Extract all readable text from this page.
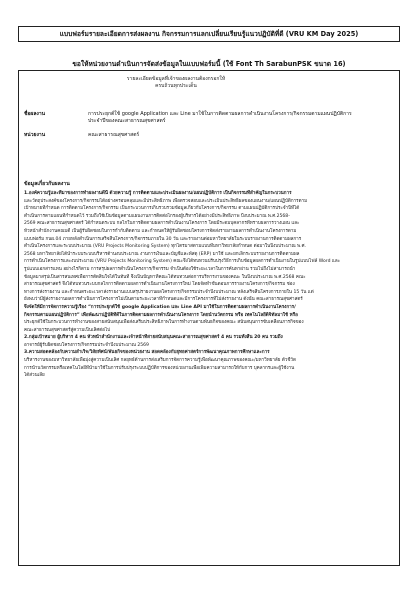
แบบฟอร์มรายละเอียดการส่งผลงาน กิจกรรมการแลกเปลี่ยนเรียนรู้แนวปฏิบัติที่ดี (VRU KM Day 2025)
ขอให้หน่วยงานดำเนินการจัดส่งข้อมูลในแบบฟอร์มนี้ (ใช้ Font Th SarabunPSK ขนาด 16)
รายละเอียดข้อมูลที่เจ้าของผลงานต้องกรอกให้
ครบถ้วนทุกประเด็น
ชื่อผลงาน	การประยุกต์ใช้ google Application และ Line มาใช้ในการติดตามผลการดำเนินงานโครงการ/กิจกรรมตามแผนปฏิบัติการ
ประจำปีของคณะสาธารณสุขศาสตร์
หน่วยงาน	คณะสาธารณสุขศาสตร์
ข้อมูลเกี่ยวกับผลงาน
1.องค์ความรู้และที่มาของการทำผลงานดีนี้ ด้วยความรู้ การติดตามและประเมินผลงาน/แผนปฏิบัติการ เป็นกิจกรรมที่สำคัญในกระบวนการ
และวัตถุประสงค์ของโครงการ/กิจกรรมได้อย่างครอบคลุมและมีประสิทธิภาพ เพื่อตรวจสอบและประเมินประสิทธิผลของแผนงาน/แผนปฏิบัติการตาม
เป้าหมายที่กำหนด การติดตามโครงการ/กิจกรรม เป็นกระบวนการเก็บรวบรวมข้อมูลเกี่ยวกับโครงการ/กิจกรรม ตามแผนปฏิบัติการประจำปีที่ได้
ดำเนินการตามแผนที่กำหนดไว้ รวมถึงใช้เป็นข้อมูลตามแผนงานการติดต่อไกรองผู้บริหารได้อย่างมีประสิทธิภาพ ปีงบประมาณ พ.ศ.2568-
2569 คณะสาธารณสุขศาสตร์ ได้กำหนดระบบ กลไกในการติดตามผลการดำเนินงานโครงการ โดยมีระดมบุคลากรที่ทราบผลการวางแผน และ
หัวหน้าสำนักงานคณบดี เป็นผู้รับผิดชอบในการกำกับติดตาม และกำหนดให้ผู้รับผิดชอบโครงการจัดส่งรายงานผลการดำเนินงานโครงการตาม
แบบฟอร์ม กนผ.04 ภายหลังดำเนินการเสร็จสิ้นโครงการ/กิจกรรมภายใน 30 วัน และรายงานต่อมหาวิทยาลัยในระบบรายงานการติดตามผลการ
ดำเนินโครงการและระบบประมาณ (VRU Projects Monitoring System) ทุกไตรมาสตามแบบที่มหาวิทยาลัยกำหนด ต่อมาในปีงบประมาณ พ.ศ.
2568 มหาวิทยาลัยได้นำระบบระบบบริหารด้านงบประมาณ งานการเงินและบัญชีและพัสดุ (ERP) มาใช้ และยกเลิกระบบรายงานการติดตามผล
การดำเนินโครงการและงบประมาณ (VRU Projects Monitoring System) คณะจึงได้ทบทวนปรับปรุงวิธีการเก็บข้อมูลผลการดำเนินงานในรูปแบบไฟล์ Word และ
รูปแบบเอกสารแทน อย่างไรก็ตาม การสรุปผลการดำเนินโครงการ/กิจกรรม จำเป็นต้องใช้ระยะเวลาในการค้นหาผ่าน รวมไปถึงไม่สามารถนำ
ข้อมูลมาสรุปเป็นสารสนเทศเพื่อการตัดสินใจได้ในทันที จึงเป็นปัญหาที่คณะได้ทบทวนต่อการบริหารงานของคณะ ในปีงบประมาณ พ.ศ.2568 คณะ
สาธารณสุขศาสตร์ จึงได้ทบทวนระบบกลไกการติดตามผลการดำเนินงานโครงการใหม่ โดยจัดทำขั้นตอนการรายงานโครงการ/กิจกรรม ช่อง
ทางการส่งรายงาน และกำหนดระยะเวลาส่งรายงานแบบสรุปรายงานผลโครงการ/กิจกรรมประจำปีงบประมาณ หลังเสร็จสิ้นโครงการภายใน 15 วัน แต่
ยังพบว่ามีผู้ส่งรายงานผลการดำเนินการโครงการไม่เป็นตามระยะเวลาที่กำหนดและมีการโครงการที่ไม่ส่งรายงาน ดังนั้น คณะสาธารณสุขศาสตร์
จึงจัดให้มีการจัดการความรู้เรื่อง “การประยุกต์ใช้ google Application และ Line API มาใช้ในการติดตามผลการดำเนินงานโครงการ/
กิจกรรมตามแผนปฏิบัติการ” เพื่อพัฒนาปฏิบัติที่ดีในการติดตามผลการดำเนินงานโครงการ โดยนำนวัตกรรม หรือ เทคโนโลยีดิจิทัลมาใช้ หรือ
ประยุกต์ใช้ในกระบวนการทำงานของสายสนับสนุนเพื่อส่งเสริมประสิทธิภาพในการทำงานตามพันธกิจของคณะ สนับสนุนการขับเคลื่อนภารกิจของ
คณะสาธารณสุขศาสตร์สู่ความเป็นเลิศต่อไป
2.กลุ่มเป้าหมาย ผู้บริหาร 4 คน หัวหน้าสำนักงานและเจ้าหน้าที่สายสนับสนุนคณะสาธารณสุขศาสตร์ 4 คน รวมทั้งสิ้น 20 คน รวมถึง
อาจารย์ผู้รับผิดชอบโครงการ/กิจกรรมประจำปีงบประมาณ 2569
3.ความสอดคล้องกับความสำเร็จ/วิสัยทัศน์/พันธกิจของหน่วยงาน สอดคล้องกับยุทธศาสตร์การพัฒนาคุณภาพการศึกษาและการ
บริหารงานของมหาวิทยาลัยเพื่อมุ่งสู่ความเป็นเลิศ กลยุทธ์ด้านการส่งเสริมการจัดการความรู้เพื่อพัฒนาคุณภาพของคณะ/มหาวิทยาลัย ตัวชี้วัด
การนำนวัตกรรมหรือเทคโนโลยีที่นำมาใช้ในการปรับปรุงระบบปฏิบัติการของหน่วยงานเพื่อเพิ่มความสามารถให้กับการ บุคลากรและผู้ใช้งาน
ได้ส่วนเลีย
